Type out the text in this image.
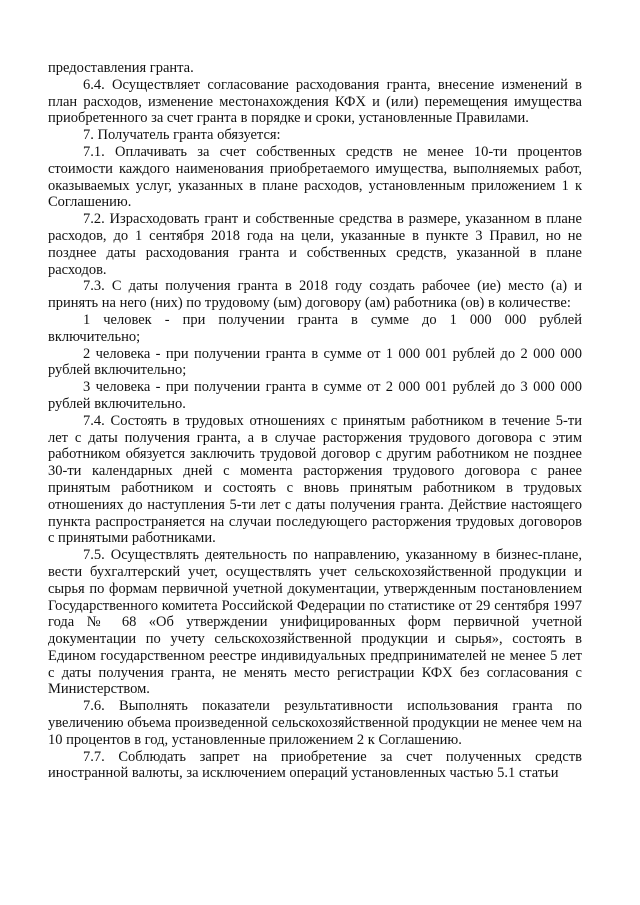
предоставления гранта.

6.4. Осуществляет согласование расходования гранта, внесение изменений в план расходов, изменение местонахождения КФХ и (или) перемещения имущества приобретенного за счет гранта в порядке и сроки, установленные Правилами.

7. Получатель гранта обязуется:

7.1. Оплачивать за счет собственных средств не менее 10-ти процентов стоимости каждого наименования приобретаемого имущества, выполняемых работ, оказываемых услуг, указанных в плане расходов, установленным приложением 1 к Соглашению.

7.2. Израсходовать грант и собственные средства в размере, указанном в плане расходов, до 1 сентября 2018 года на цели, указанные в пункте 3 Правил, но не позднее даты расходования гранта и собственных средств, указанной в плане расходов.

7.3. С даты получения гранта в 2018 году создать рабочее (ие) место (а) и принять на него (них) по трудовому (ым) договору (ам) работника (ов) в количестве:

1 человек - при получении гранта в сумме до 1 000 000 рублей включительно;

2 человека - при получении гранта в сумме от 1 000 001 рублей до 2 000 000 рублей включительно;

3 человека - при получении гранта в сумме от 2 000 001 рублей до 3 000 000 рублей включительно.

7.4. Состоять в трудовых отношениях с принятым работником в течение 5-ти лет с даты получения гранта, а в случае расторжения трудового договора с этим работником обязуется заключить трудовой договор с другим работником не позднее 30-ти календарных дней с момента расторжения трудового договора с ранее принятым работником и состоять с вновь принятым работником в трудовых отношениях до наступления 5-ти лет с даты получения гранта. Действие настоящего пункта распространяется на случаи последующего расторжения трудовых договоров с принятыми работниками.

7.5. Осуществлять деятельность по направлению, указанному в бизнес-плане, вести бухгалтерский учет, осуществлять учет сельскохозяйственной продукции и сырья по формам первичной учетной документации, утвержденным постановлением Государственного комитета Российской Федерации по статистике от 29 сентября 1997 года № 68 «Об утверждении унифицированных форм первичной учетной документации по учету сельскохозяйственной продукции и сырья», состоять в Едином государственном реестре индивидуальных предпринимателей не менее 5 лет с даты получения гранта, не менять место регистрации КФХ без согласования с Министерством.

7.6. Выполнять показатели результативности использования гранта по увеличению объема произведенной сельскохозяйственной продукции не менее чем на 10 процентов в год, установленные приложением 2 к Соглашению.

7.7. Соблюдать запрет на приобретение за счет полученных средств иностранной валюты, за исключением операций установленных частью 5.1 статьи
